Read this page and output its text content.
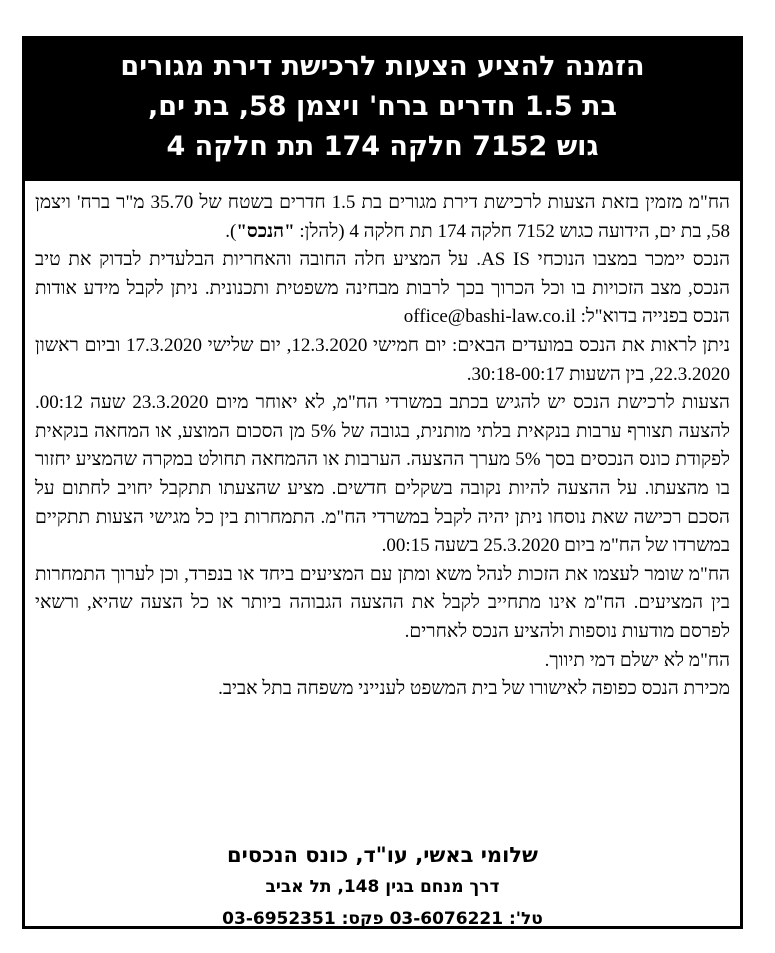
הזמנה להציע הצעות לרכישת דירת מגורים
בת 1.5 חדרים ברח' ויצמן 58, בת ים,
גוש 7152 חלקה 174 תת חלקה 4

הח"מ מזמין בזאת הצעות לרכישת דירת מגורים בת 1.5 חדרים בשטח של 35.70 מ"ר ברח' ויצמן 58, בת ים, הידועה כגוש 7152 חלקה 174 תת חלקה 4 (להלן: "הנכס").

הנכס יימכר במצבו הנוכחי AS IS. על המציע חלה החובה והאחריות הבלעדית לבדוק את טיב הנכס, מצב הזכויות בו וכל הכרוך בכך לרבות מבחינה משפטית ותכנונית. ניתן לקבל מידע אודות הנכס בפנייה בדוא"ל: office@bashi-law.co.il

ניתן לראות את הנכס במועדים הבאים: יום חמישי 12.3.2020, יום שלישי 17.3.2020 וביום ראשון 22.3.2020, בין השעות 30:18-00:17.

הצעות לרכישת הנכס יש להגיש בכתב במשרדי הח"מ, לא יאוחר מיום 23.3.2020 שעה 00:12. להצעה תצורף ערבות בנקאית בלתי מותנית, בגובה של 5% מן הסכום המוצע, או המחאה בנקאית לפקודת כונס הנכסים בסך 5% מערך ההצעה. הערבות או ההמחאה תחולט במקרה שהמציע יחזור בו מהצעתו. על ההצעה להיות נקובה בשקלים חדשים. מציע שהצעתו תתקבל יחויב לחתום על הסכם רכישה שאת נוסחו ניתן יהיה לקבל במשרדי הח"מ. התמחרות בין כל מגישי הצעות תתקיים במשרדו של הח"מ ביום 25.3.2020 בשעה 00:15.

הח"מ שומר לעצמו את הזכות לנהל משא ומתן עם המציעים ביחד או בנפרד, וכן לערוך התמחרות בין המציעים. הח"מ אינו מתחייב לקבל את ההצעה הגבוהה ביותר או כל הצעה שהיא, ורשאי לפרסם מודעות נוספות ולהציע הנכס לאחרים.

הח"מ לא ישלם דמי תיווך.

מכירת הנכס כפופה לאישורו של בית המשפט לענייני משפחה בתל אביב.

שלומי באשי, עו"ד, כונס הנכסים
דרך מנחם בגין 148, תל אביב
טל': 03-6076221 פקס: 03-6952351
